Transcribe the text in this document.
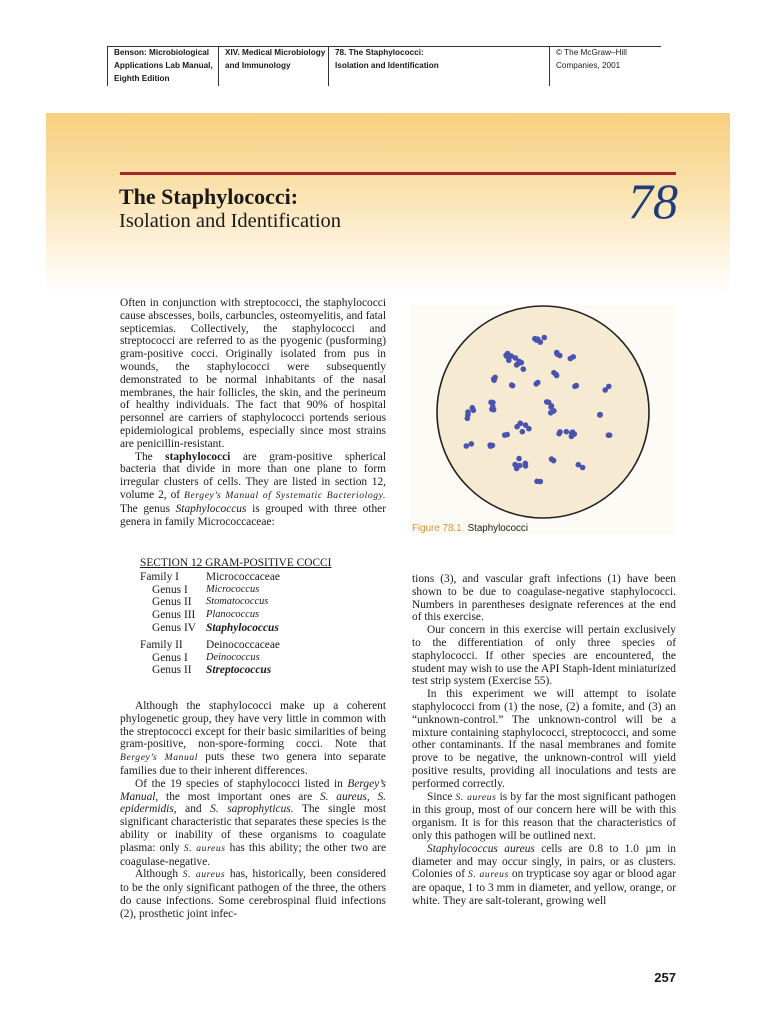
Benson: Microbiological
Applications Lab Manual,
Eighth Edition
XIV. Medical Microbiology
and Immunology
78. The Staphylococci:
Isolation and Identification
© The McGraw–Hill
Companies, 2001
The Staphylococci:
Isolation and Identification	78

Often in conjunction with streptococci, the staphylococci cause abscesses, boils, carbuncles, osteomyelitis, and fatal septicemias. Collectively, the staphylococci and streptococci are referred to as the pyogenic (pusforming) gram-positive cocci. Originally isolated from pus in wounds, the staphylococci were subsequently demonstrated to be normal inhabitants of the nasal membranes, the hair follicles, the skin, and the perineum of healthy individuals. The fact that 90% of hospital personnel are carriers of staphylococci portends serious epidemiological problems, especially since most strains are penicillin-resistant.

The staphylococci are gram-positive spherical bacteria that divide in more than one plane to form irregular clusters of cells. They are listed in section 12, volume 2, of Bergey’s Manual of Systematic Bacteriology. The genus Staphylococcus is grouped with three other genera in family Micrococcaceae:

SECTION 12 GRAM-POSITIVE COCCI
Family I	Micrococcaceae
Genus I	Micrococcus
Genus II	Stomatococcus
Genus III	Planococcus
Genus IV Staphylococcus
Family II	Deinococcaceae
Genus I	Deinococcus
Genus II	Streptococcus

Although the staphylococci make up a coherent phylogenetic group, they have very little in common with the streptococci except for their basic similarities of being gram-positive, non-spore-forming cocci. Note that Bergey’s Manual puts these two genera into separate families due to their inherent differences.

Of the 19 species of staphylococci listed in Bergey’s Manual, the most important ones are S. aureus, S. epidermidis, and S. saprophyticus. The single most significant characteristic that separates these species is the ability or inability of these organisms to coagulate plasma: only S. aureus has this ability; the other two are coagulase-negative.

Although S. aureus has, historically, been considered to be the only significant pathogen of the three, the others do cause infections. Some cerebrospinal fluid infections (2), prosthetic joint infec-

Figure 78.1 Staphylococci

tions (3), and vascular graft infections (1) have been shown to be due to coagulase-negative staphylococci. Numbers in parentheses designate references at the end of this exercise.

Our concern in this exercise will pertain exclusively to the differentiation of only three species of staphylococci. If other species are encountered, the student may wish to use the API Staph-Ident miniaturized test strip system (Exercise 55).

In this experiment we will attempt to isolate staphylococci from (1) the nose, (2) a fomite, and (3) an “unknown-control.” The unknown-control will be a mixture containing staphylococci, streptococci, and some other contaminants. If the nasal membranes and fomite prove to be negative, the unknown-control will yield positive results, providing all inoculations and tests are performed correctly.

Since S. aureus is by far the most significant pathogen in this group, most of our concern here will be with this organism. It is for this reason that the characteristics of only this pathogen will be outlined next.

Staphylococcus aureus cells are 0.8 to 1.0 µm in diameter and may occur singly, in pairs, or as clusters. Colonies of S. aureus on trypticase soy agar or blood agar are opaque, 1 to 3 mm in diameter, and yellow, orange, or white. They are salt-tolerant, growing well

257
